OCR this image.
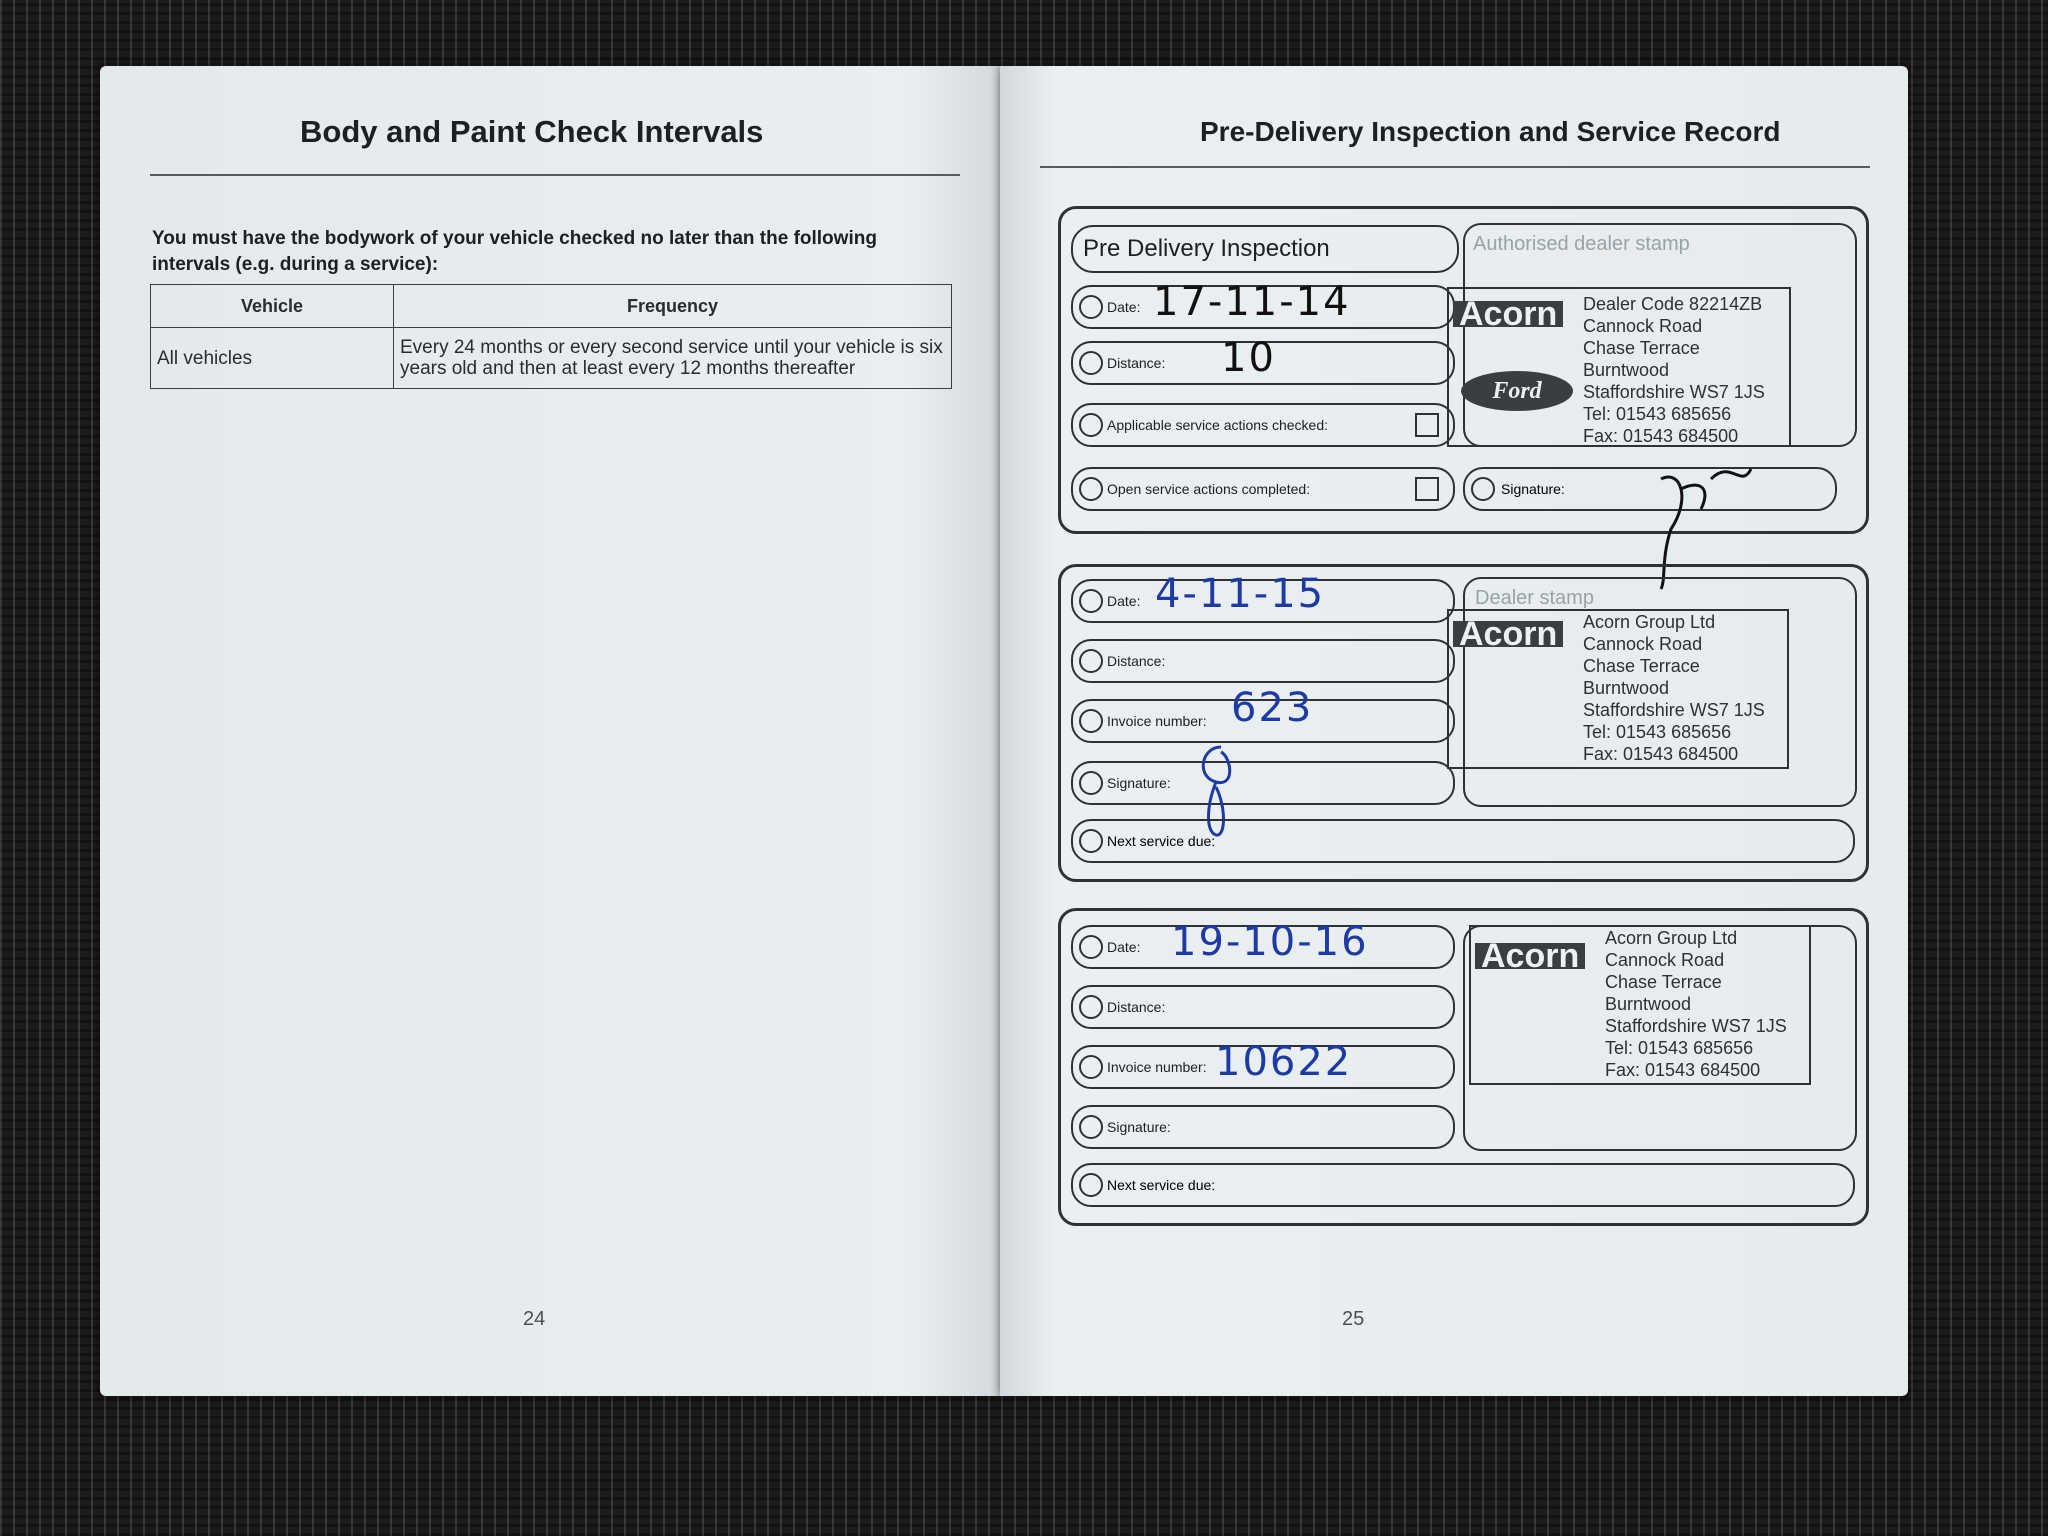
Body and Paint Check Intervals
You must have the bodywork of your vehicle checked no later than the following intervals (e.g. during a service):
Vehicle	Frequency
All vehicles	Every 24 months or every second service until your vehicle is six years old and then at least every 12 months thereafter
24
Pre-Delivery Inspection and Service Record
Pre Delivery Inspection
Date: 17-11-14
Distance: 10
Applicable service actions checked:
Open service actions completed:
Authorised dealer stamp
Acorn
Ford
Dealer Code 82214ZB
Cannock Road
Chase Terrace
Burntwood
Staffordshire WS7 1JS
Tel: 01543 685656
Fax: 01543 684500
Signature:
Date: 4-11-15
Distance:
Invoice number: 623
Signature:
Next service due:
Dealer stamp
Acorn	Acorn Group Ltd
Cannock Road
Chase Terrace
Burntwood
Staffordshire WS7 1JS
Tel: 01543 685656
Fax: 01543 684500
Date: 19-10-16
Distance:
Invoice number: 10622
Signature:
Next service due:
Acorn	Acorn Group Ltd
Cannock Road
Chase Terrace
Burntwood
Staffordshire WS7 1JS
Tel: 01543 685656
Fax: 01543 684500
25
